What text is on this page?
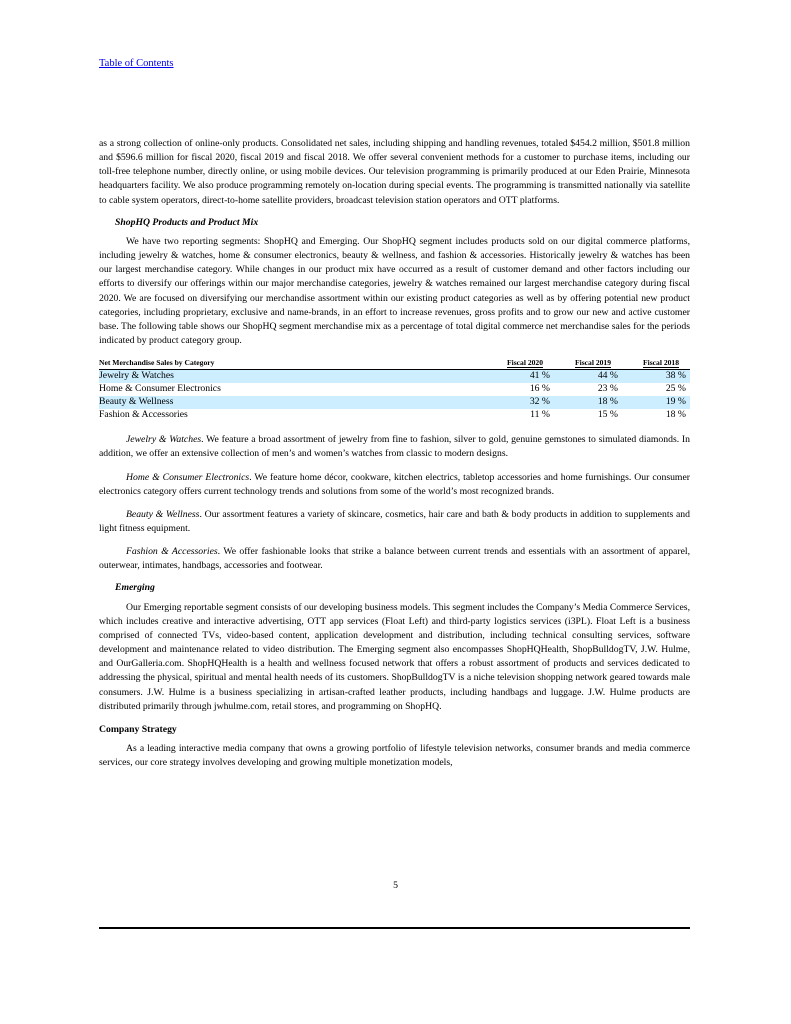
Table of Contents

as a strong collection of online-only products. Consolidated net sales, including shipping and handling revenues, totaled $454.2 million, $501.8 million and $596.6 million for fiscal 2020, fiscal 2019 and fiscal 2018. We offer several convenient methods for a customer to purchase items, including our toll-free telephone number, directly online, or using mobile devices. Our television programming is primarily produced at our Eden Prairie, Minnesota headquarters facility. We also produce programming remotely on-location during special events. The programming is transmitted nationally via satellite to cable system operators, direct-to-home satellite providers, broadcast television station operators and OTT platforms.

ShopHQ Products and Product Mix

We have two reporting segments: ShopHQ and Emerging. Our ShopHQ segment includes products sold on our digital commerce platforms, including jewelry & watches, home & consumer electronics, beauty & wellness, and fashion & accessories. Historically jewelry & watches has been our largest merchandise category. While changes in our product mix have occurred as a result of customer demand and other factors including our efforts to diversify our offerings within our major merchandise categories, jewelry & watches remained our largest merchandise category during fiscal 2020. We are focused on diversifying our merchandise assortment within our existing product categories as well as by offering potential new product categories, including proprietary, exclusive and name-brands, in an effort to increase revenues, gross profits and to grow our new and active customer base. The following table shows our ShopHQ segment merchandise mix as a percentage of total digital commerce net merchandise sales for the periods indicated by product category group.

Net Merchandise Sales by Category	Fiscal 2020		Fiscal 2019		Fiscal 2018
Jewelry & Watches	41 %		44 %		38 %
Home & Consumer Electronics	16 %		23 %		25 %
Beauty & Wellness	32 %		18 %		19 %
Fashion & Accessories	11 %		15 %		18 %

Jewelry & Watches. We feature a broad assortment of jewelry from fine to fashion, silver to gold, genuine gemstones to simulated diamonds. In addition, we offer an extensive collection of men’s and women’s watches from classic to modern designs.

Home & Consumer Electronics. We feature home décor, cookware, kitchen electrics, tabletop accessories and home furnishings. Our consumer electronics category offers current technology trends and solutions from some of the world’s most recognized brands.

Beauty & Wellness. Our assortment features a variety of skincare, cosmetics, hair care and bath & body products in addition to supplements and light fitness equipment.

Fashion & Accessories. We offer fashionable looks that strike a balance between current trends and essentials with an assortment of apparel, outerwear, intimates, handbags, accessories and footwear.

Emerging

Our Emerging reportable segment consists of our developing business models. This segment includes the Company’s Media Commerce Services, which includes creative and interactive advertising, OTT app services (Float Left) and third-party logistics services (i3PL). Float Left is a business comprised of connected TVs, video-based content, application development and distribution, including technical consulting services, software development and maintenance related to video distribution. The Emerging segment also encompasses ShopHQHealth, ShopBulldogTV, J.W. Hulme, and OurGalleria.com. ShopHQHealth is a health and wellness focused network that offers a robust assortment of products and services dedicated to addressing the physical, spiritual and mental health needs of its customers. ShopBulldogTV is a niche television shopping network geared towards male consumers. J.W. Hulme is a business specializing in artisan-crafted leather products, including handbags and luggage. J.W. Hulme products are distributed primarily through jwhulme.com, retail stores, and programming on ShopHQ.

Company Strategy

As a leading interactive media company that owns a growing portfolio of lifestyle television networks, consumer brands and media commerce services, our core strategy involves developing and growing multiple monetization models,

5
